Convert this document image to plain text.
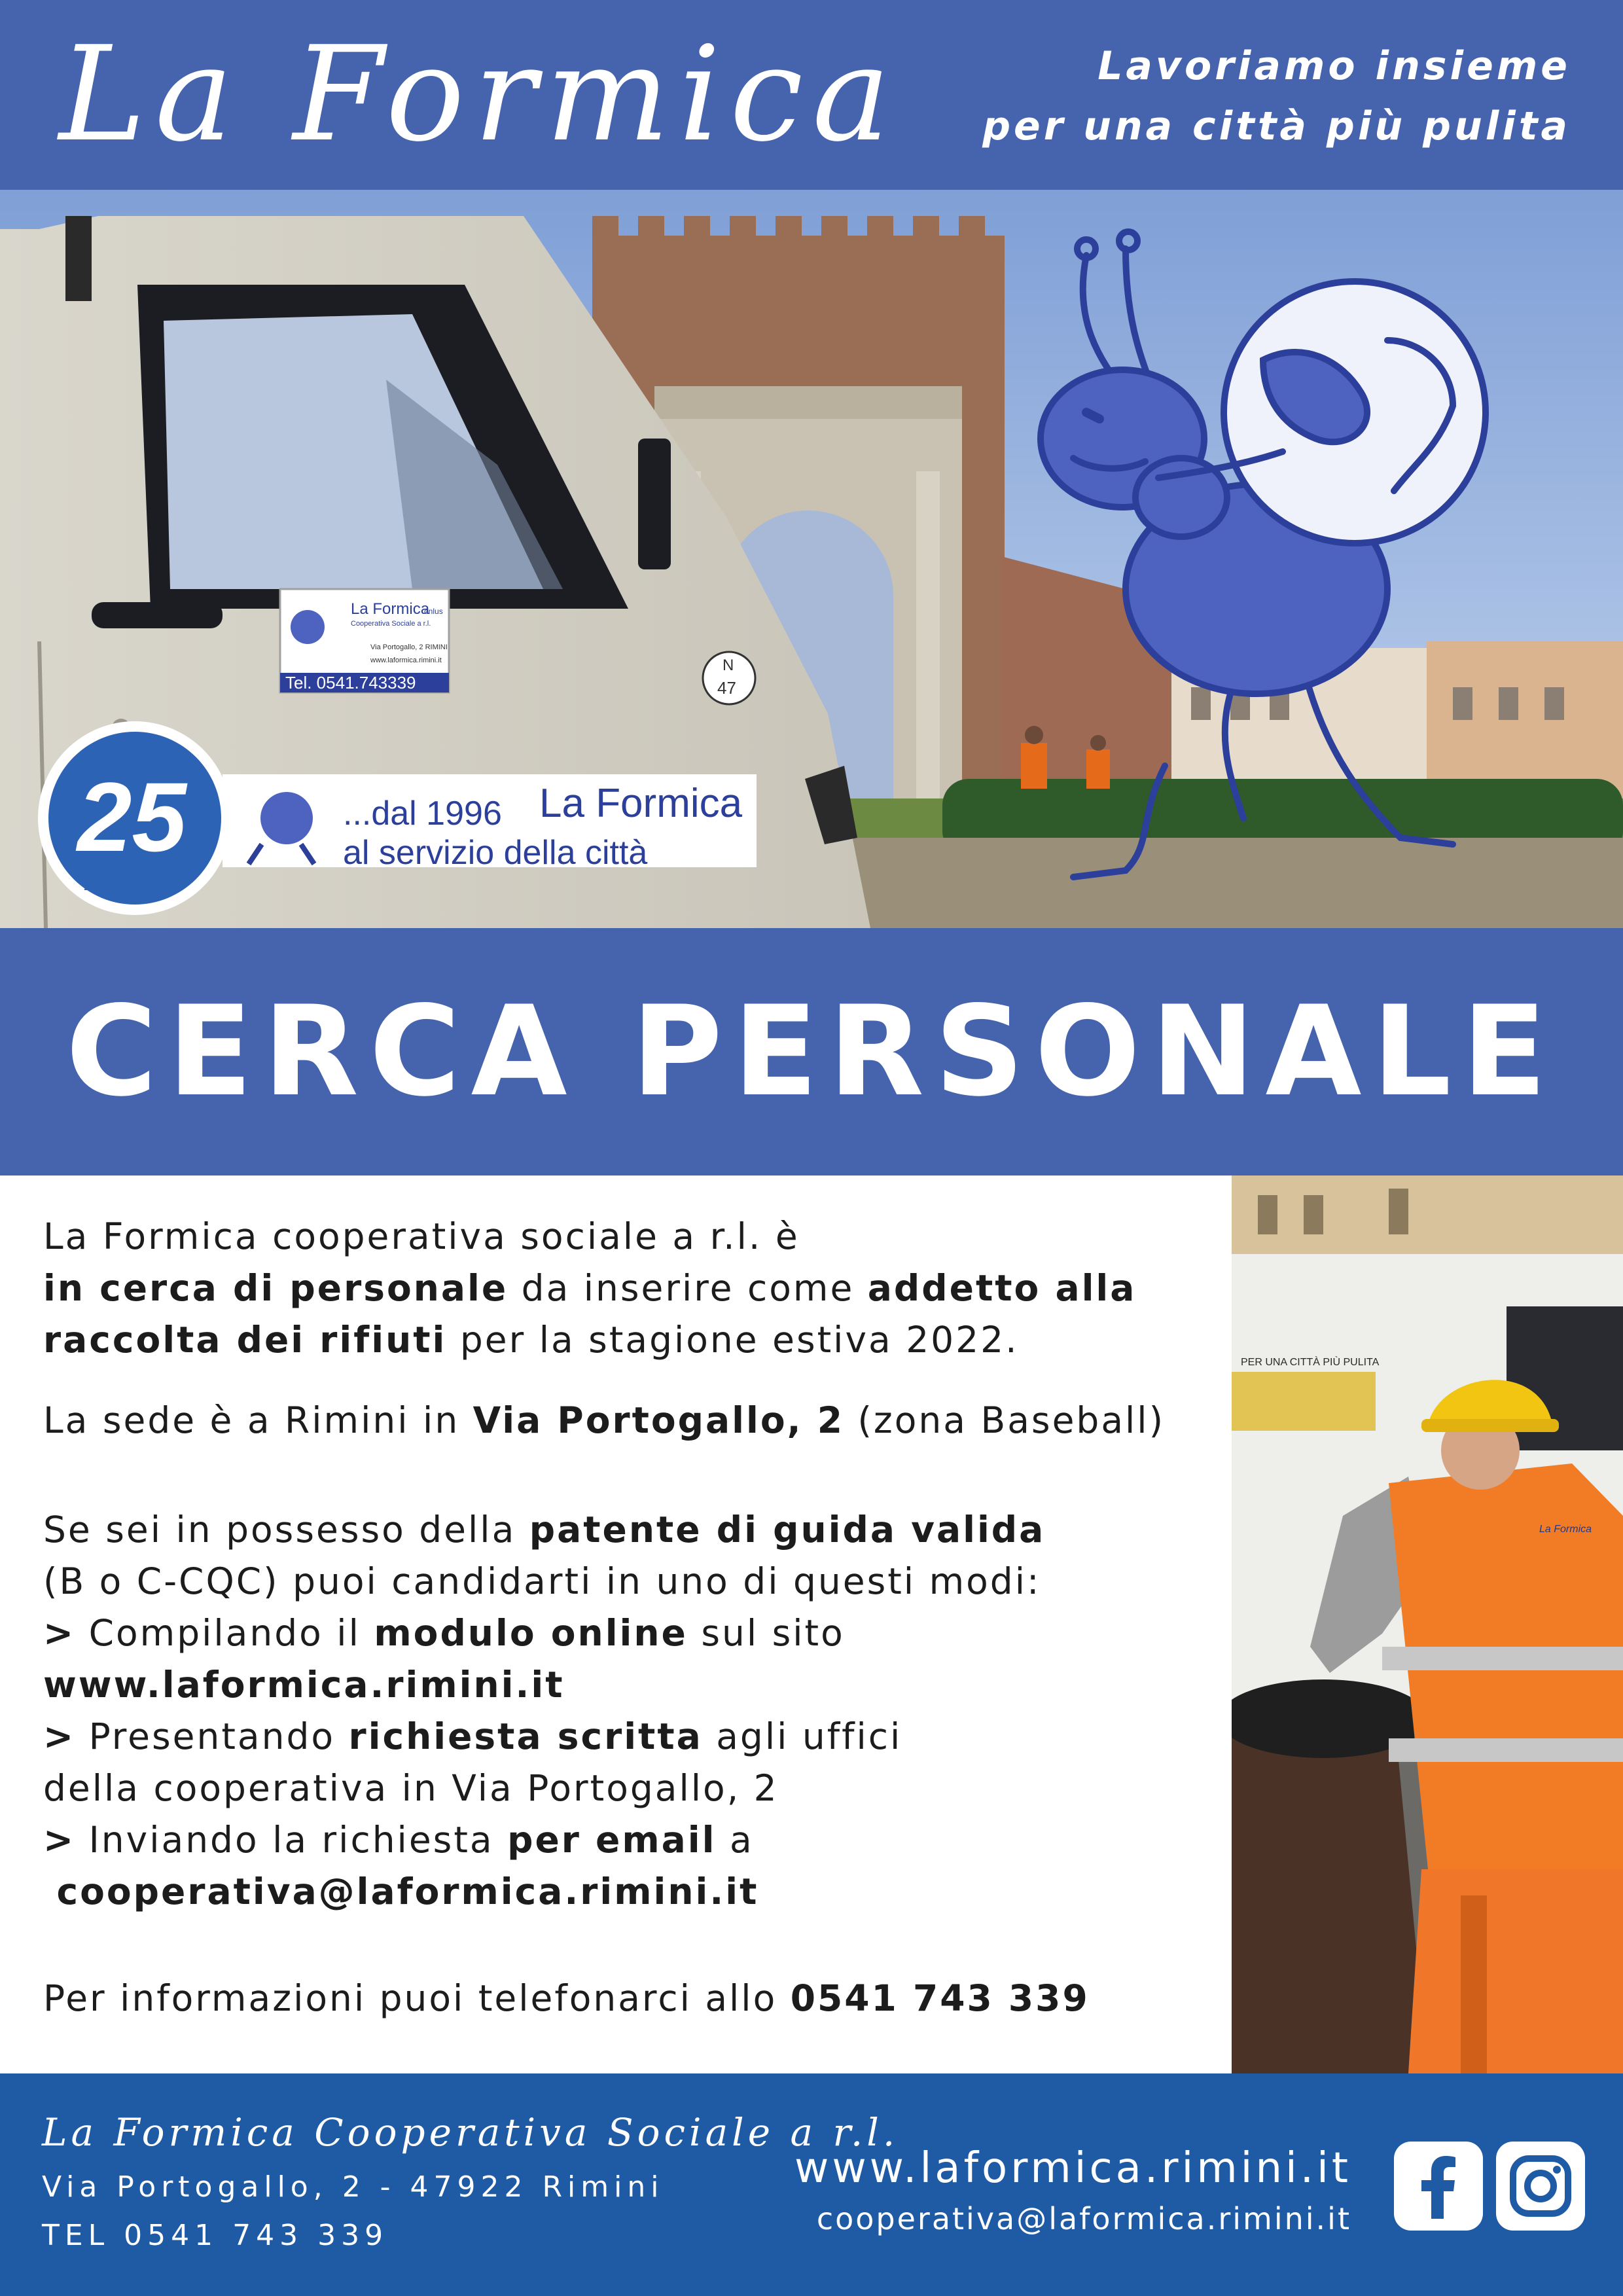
La Formica	Lavoriamo insieme
per una città più pulita
La Formica
onlus
Cooperativa Sociale a r.l.
Via Portogallo, 2 RIMINI
www.laformica.rimini.it
Tel. 0541.743339
N
47
25
1996-2021
...dal 1996 La Formica
al servizio della città
CERCA PERSONALE

La Formica cooperativa sociale a r.l. è

in cerca di personale da inserire come addetto alla

raccolta dei rifiuti per la stagione estiva 2022.

La sede è a Rimini in Via Portogallo, 2 (zona Baseball)

Se sei in possesso della patente di guida valida

(B o C-CQC) puoi candidarti in uno di questi modi:

> Compilando il modulo online sul sito

www.laformica.rimini.it

> Presentando richiesta scritta agli uffici

della cooperativa in Via Portogallo, 2

> Inviando la richiesta per email a

cooperativa@laformica.rimini.it

Per informazioni puoi telefonarci allo 0541 743 339

PER UNA CITTÀ PIÙ PULITA
La Formica
La Formica Cooperativa Sociale a r.l.
Via Portogallo, 2 - 47922 Rimini
TEL 0541 743 339
www.laformica.rimini.it
cooperativa@laformica.rimini.it
